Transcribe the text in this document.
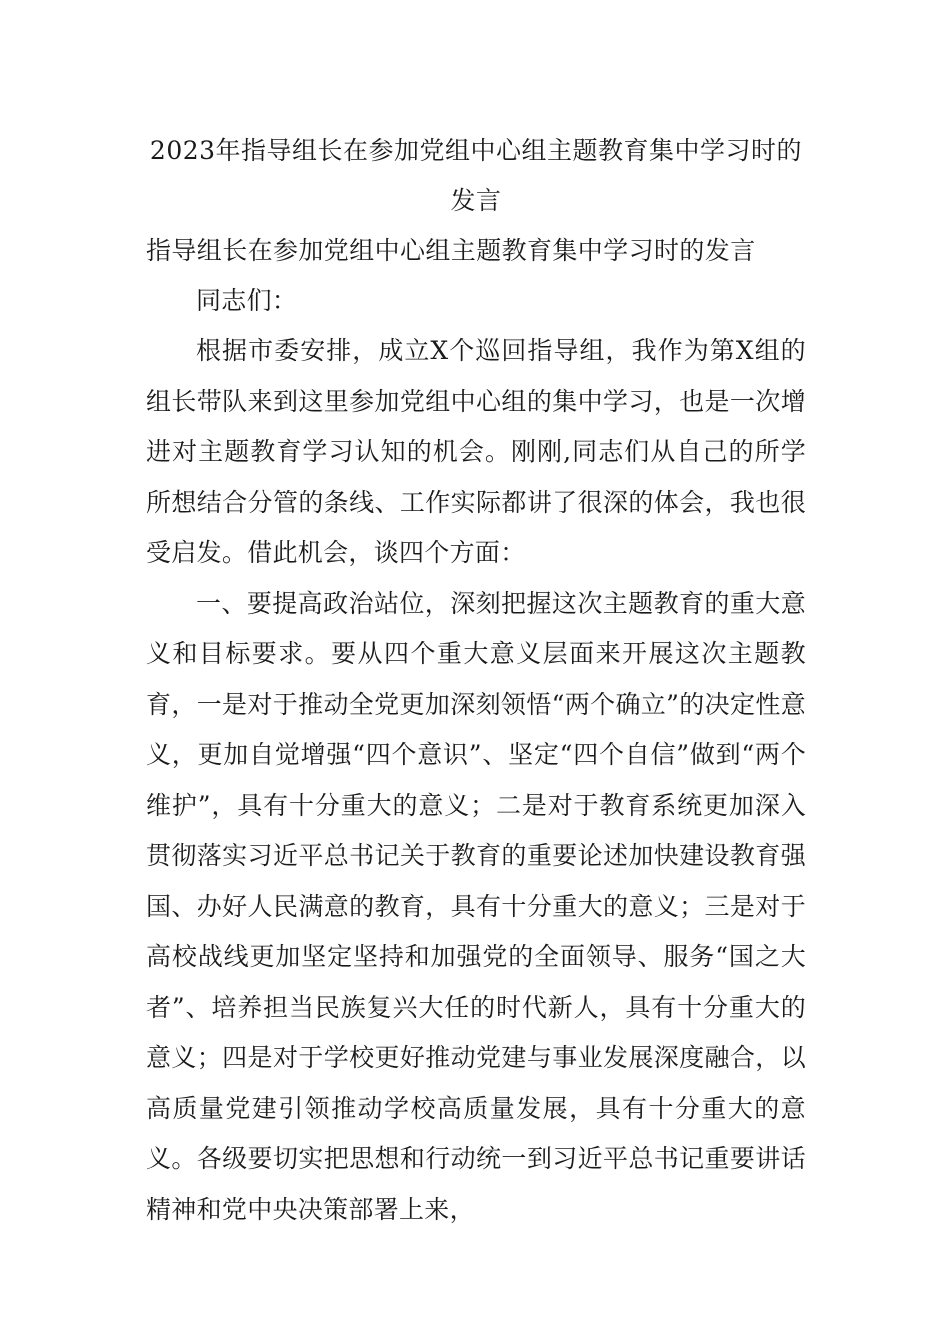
2023年指导组长在参加党组中心组主题教育集中学习时的发言

指导组长在参加党组中心组主题教育集中学习时的发言

同志们：

根据市委安排，成立X个巡回指导组，我作为第X组的组长带队来到这里参加党组中心组的集中学习，也是一次增进对主题教育学习认知的机会。刚刚,同志们从自己的所学所想结合分管的条线、工作实际都讲了很深的体会，我也很受启发。借此机会，谈四个方面：

一、要提高政治站位，深刻把握这次主题教育的重大意义和目标要求。要从四个重大意义层面来开展这次主题教育，一是对于推动全党更加深刻领悟“两个确立”的决定性意义，更加自觉增强“四个意识”、坚定“四个自信”做到“两个维护”，具有十分重大的意义；二是对于教育系统更加深入贯彻落实习近平总书记关于教育的重要论述加快建设教育强国、办好人民满意的教育，具有十分重大的意义；三是对于高校战线更加坚定坚持和加强党的全面领导、服务“国之大者”、培养担当民族复兴大任的时代新人，具有十分重大的意义；四是对于学校更好推动党建与事业发展深度融合，以高质量党建引领推动学校高质量发展，具有十分重大的意义。各级要切实把思想和行动统一到习近平总书记重要讲话精神和党中央决策部署上来，
